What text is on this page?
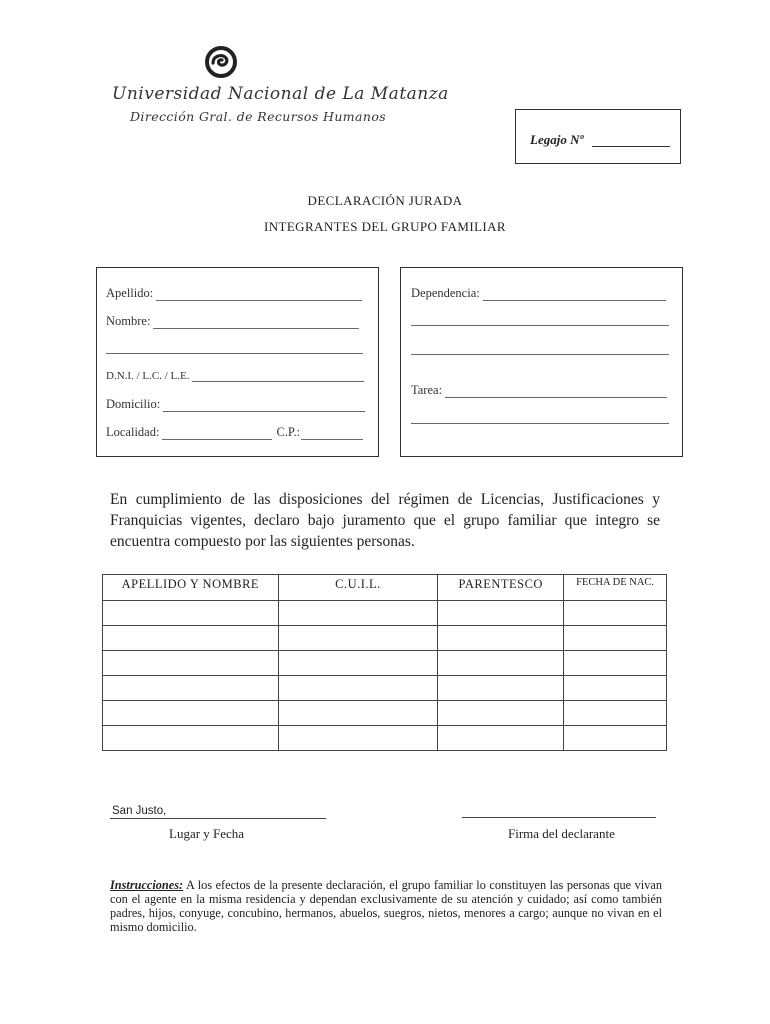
Universidad Nacional de La Matanza
Dirección Gral. de Recursos Humanos
Legajo Nº
DECLARACIÓN JURADA
INTEGRANTES DEL GRUPO FAMILIAR
Apellido:
Nombre:
D.N.I. / L.C. / L.E.
Domicilio:
Localidad:	C.P.:
Dependencia:
Tarea:
En cumplimiento de las disposiciones del régimen de Licencias, Justificaciones y Franquicias vigentes, declaro bajo juramento que el grupo familiar que integro se encuentra compuesto por las siguientes personas.
APELLIDO Y NOMBRE	C.U.I.L.	PARENTESCO	FECHA DE NAC.

San Justo,
Lugar y Fecha	Firma del declarante
Instrucciones: A los efectos de la presente declaración, el grupo familiar lo constituyen las personas que vivan con el agente en la misma residencia y dependan exclusivamente de su atención y cuidado; así como también padres, hijos, conyuge, concubino, hermanos, abuelos, suegros, nietos, menores a cargo; aunque no vivan en el mismo domicilio.
